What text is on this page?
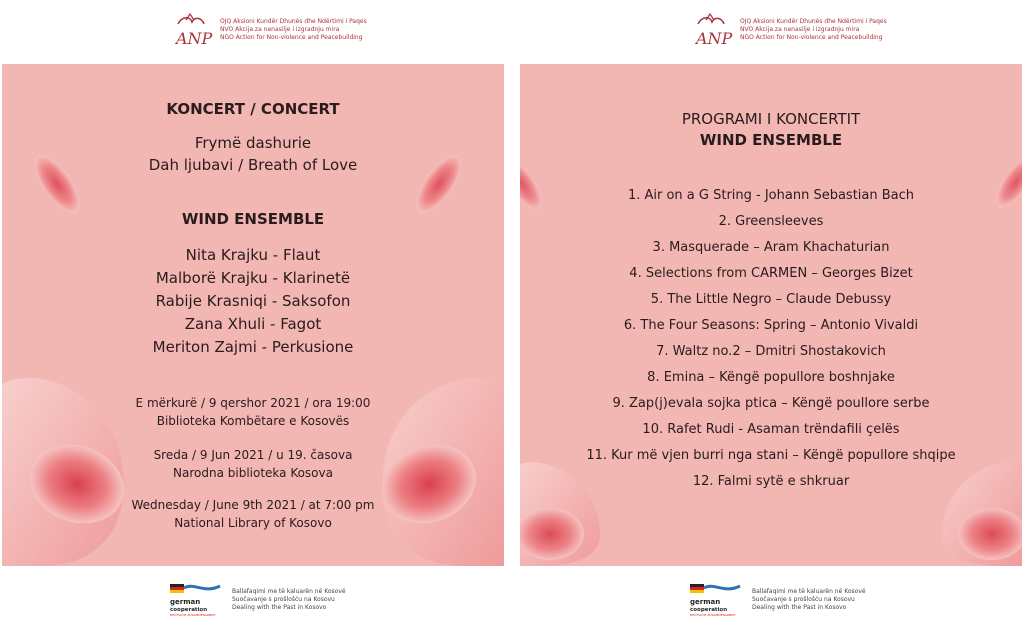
ANP
OJQ Aksioni Kundër Dhunës dhe Ndërtimi i Paqes
NVO Akcija za nenasilje i izgradnju mira
NGO Action for Non-violence and Peacebuilding
KONCERT / CONCERT
Frymë dashurie
Dah ljubavi / Breath of Love
WIND ENSEMBLE
Nita Krajku - Flaut
Malborë Krajku - Klarinetë
Rabije Krasniqi - Saksofon
Zana Xhuli - Fagot
Meriton Zajmi - Perkusione
E mërkurë / 9 qershor 2021 / ora 19:00
Biblioteka Kombëtare e Kosovës
Sreda / 9 Jun 2021 / u 19. časova
Narodna biblioteka Kosova
Wednesday / June 9th 2021 / at 7:00 pm
National Library of Kosovo
german
cooperation
DEUTSCHE ZUSAMMENARBEIT
Ballafaqimi me të kaluarën në Kosovë
Suočavanje s prošlošću na Kosovu
Dealing with the Past in Kosovo
ANP
OJQ Aksioni Kundër Dhunës dhe Ndërtimi i Paqes
NVO Akcija za nenasilje i izgradnju mira
NGO Action for Non-violence and Peacebuilding
PROGRAMI I KONCERTIT
WIND ENSEMBLE
1. Air on a G String - Johann Sebastian Bach
2. Greensleeves
3. Masquerade – Aram Khachaturian
4. Selections from CARMEN – Georges Bizet
5. The Little Negro – Claude Debussy
6. The Four Seasons: Spring – Antonio Vivaldi
7. Waltz no.2 – Dmitri Shostakovich
8. Emina – Këngë popullore boshnjake
9. Zap(j)evala sojka ptica – Këngë poullore serbe
10. Rafet Rudi - Asaman trëndafili çelës
11. Kur më vjen burri nga stani – Këngë popullore shqipe
12. Falmi sytë e shkruar
german
cooperation
DEUTSCHE ZUSAMMENARBEIT
Ballafaqimi me të kaluarën në Kosovë
Suočavanje s prošlošću na Kosovu
Dealing with the Past in Kosovo
